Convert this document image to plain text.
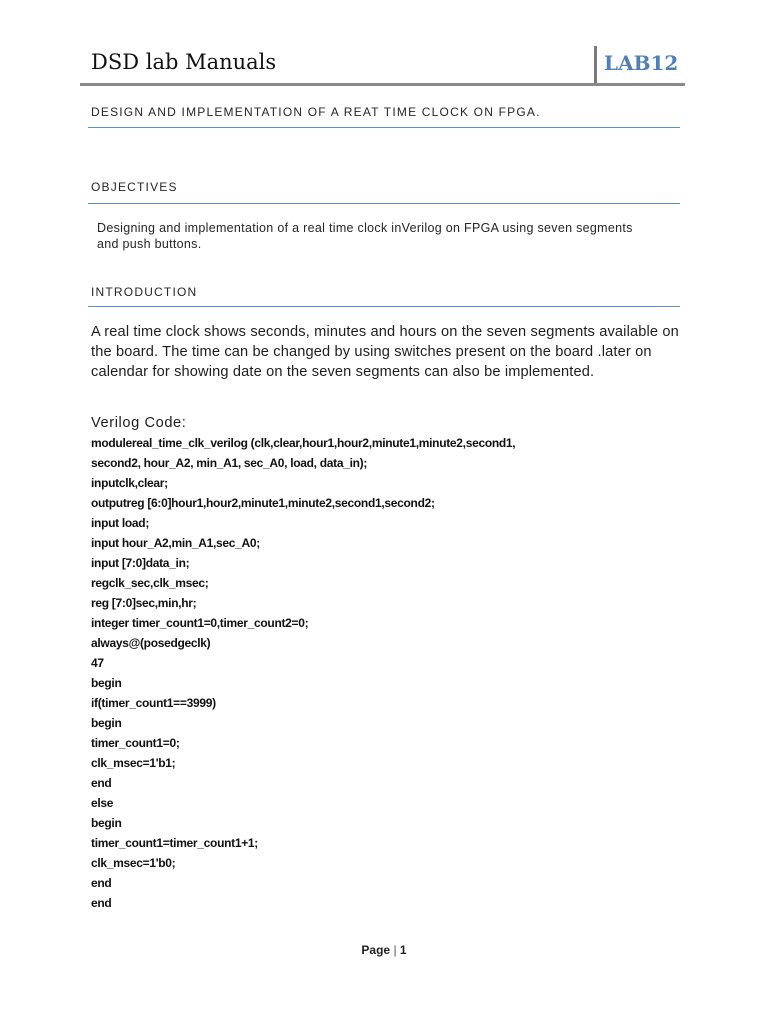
DSD lab Manuals	LAB12
DESIGN AND IMPLEMENTATION OF A REAT TIME CLOCK ON FPGA.
OBJECTIVES

Designing and implementation of a real time clock inVerilog on FPGA using seven segments and push buttons.

INTRODUCTION

A real time clock shows seconds, minutes and hours on the seven segments available on the board. The time can be changed by using switches present on the board .later on calendar for showing date on the seven segments can also be implemented.

Verilog Code:
modulereal_time_clk_verilog (clk,clear,hour1,hour2,minute1,minute2,second1,
second2, hour_A2, min_A1, sec_A0, load, data_in);
inputclk,clear;
outputreg [6:0]hour1,hour2,minute1,minute2,second1,second2;
input load;
input hour_A2,min_A1,sec_A0;
input [7:0]data_in;
regclk_sec,clk_msec;
reg [7:0]sec,min,hr;
integer timer_count1=0,timer_count2=0;
always@(posedgeclk)
47
begin
if(timer_count1==3999)
begin
timer_count1=0;
clk_msec=1'b1;
end
else
begin
timer_count1=timer_count1+1;
clk_msec=1'b0;
end
end
Page | 1
